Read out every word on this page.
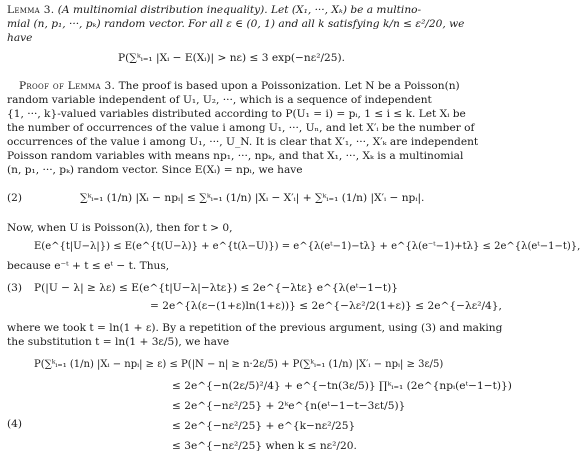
Lemma 3. (A multinomial distribution inequality). Let (X₁, ···, Xₖ) be a multino-
mial (n, p₁, ···, pₖ) random vector. For all ε ∈ (0, 1) and all k satisfying k/n ≤ ε²/20, we
have
P(∑ᵏᵢ₌₁ |Xᵢ − E(Xᵢ)| > nε) ≤ 3 exp(−nε²/25).
Proof of Lemma 3. The proof is based upon a Poissonization. Let N be a Poisson(n)
random variable independent of U₁, U₂, ···, which is a sequence of independent
{1, ···, k}-valued variables distributed according to P(U₁ = i) = pᵢ, 1 ≤ i ≤ k. Let Xᵢ be
the number of occurrences of the value i among U₁, ···, Uₙ, and let X′ᵢ be the number of
occurrences of the value i among U₁, ···, U_N. It is clear that X′₁, ···, X′ₖ are independent
Poisson random variables with means np₁, ···, npₖ, and that X₁, ···, Xₖ is a multinomial
(n, p₁, ···, pₖ) random vector. Since E(Xᵢ) = npᵢ, we have
(2)	∑ᵏᵢ₌₁ (1/n) |Xᵢ − npᵢ| ≤ ∑ᵏᵢ₌₁ (1/n) |Xᵢ − X′ᵢ| + ∑ᵏᵢ₌₁ (1/n) |X′ᵢ − npᵢ|.
Now, when U is Poisson(λ), then for t > 0,
E(e^{t|U−λ|}) ≤ E(e^{t(U−λ)} + e^{t(λ−U)}) = e^{λ(eᵗ−1)−tλ} + e^{λ(e⁻ᵗ−1)+tλ} ≤ 2e^{λ(eᵗ−1−t)},
because e⁻ᵗ + t ≤ eᵗ − t. Thus,
(3) P(|U − λ| ≥ λε) ≤ E(e^{t|U−λ|−λtε}) ≤ 2e^{−λtε} e^{λ(eᵗ−1−t)}
= 2e^{λ(ε−(1+ε)ln(1+ε))} ≤ 2e^{−λε²/2(1+ε)} ≤ 2e^{−λε²/4},
where we took t = ln(1 + ε). By a repetition of the previous argument, using (3) and making
the substitution t = ln(1 + 3ε/5), we have
P(∑ᵏᵢ₌₁ (1/n) |Xᵢ − npᵢ| ≥ ε) ≤ P(|N − n| ≥ n·2ε/5) + P(∑ᵏᵢ₌₁ (1/n) |X′ᵢ − npᵢ| ≥ 3ε/5)
≤ 2e^{−n(2ε/5)²/4} + e^{−tn(3ε/5)} ∏ᵏᵢ₌₁ (2e^{npᵢ(eᵗ−1−t)})
≤ 2e^{−nε²/25} + 2ᵏe^{n(eᵗ−1−t−3εt/5)}
(4)	≤ 2e^{−nε²/25} + e^{k−nε²/25}
≤ 3e^{−nε²/25} when k ≤ nε²/20.
